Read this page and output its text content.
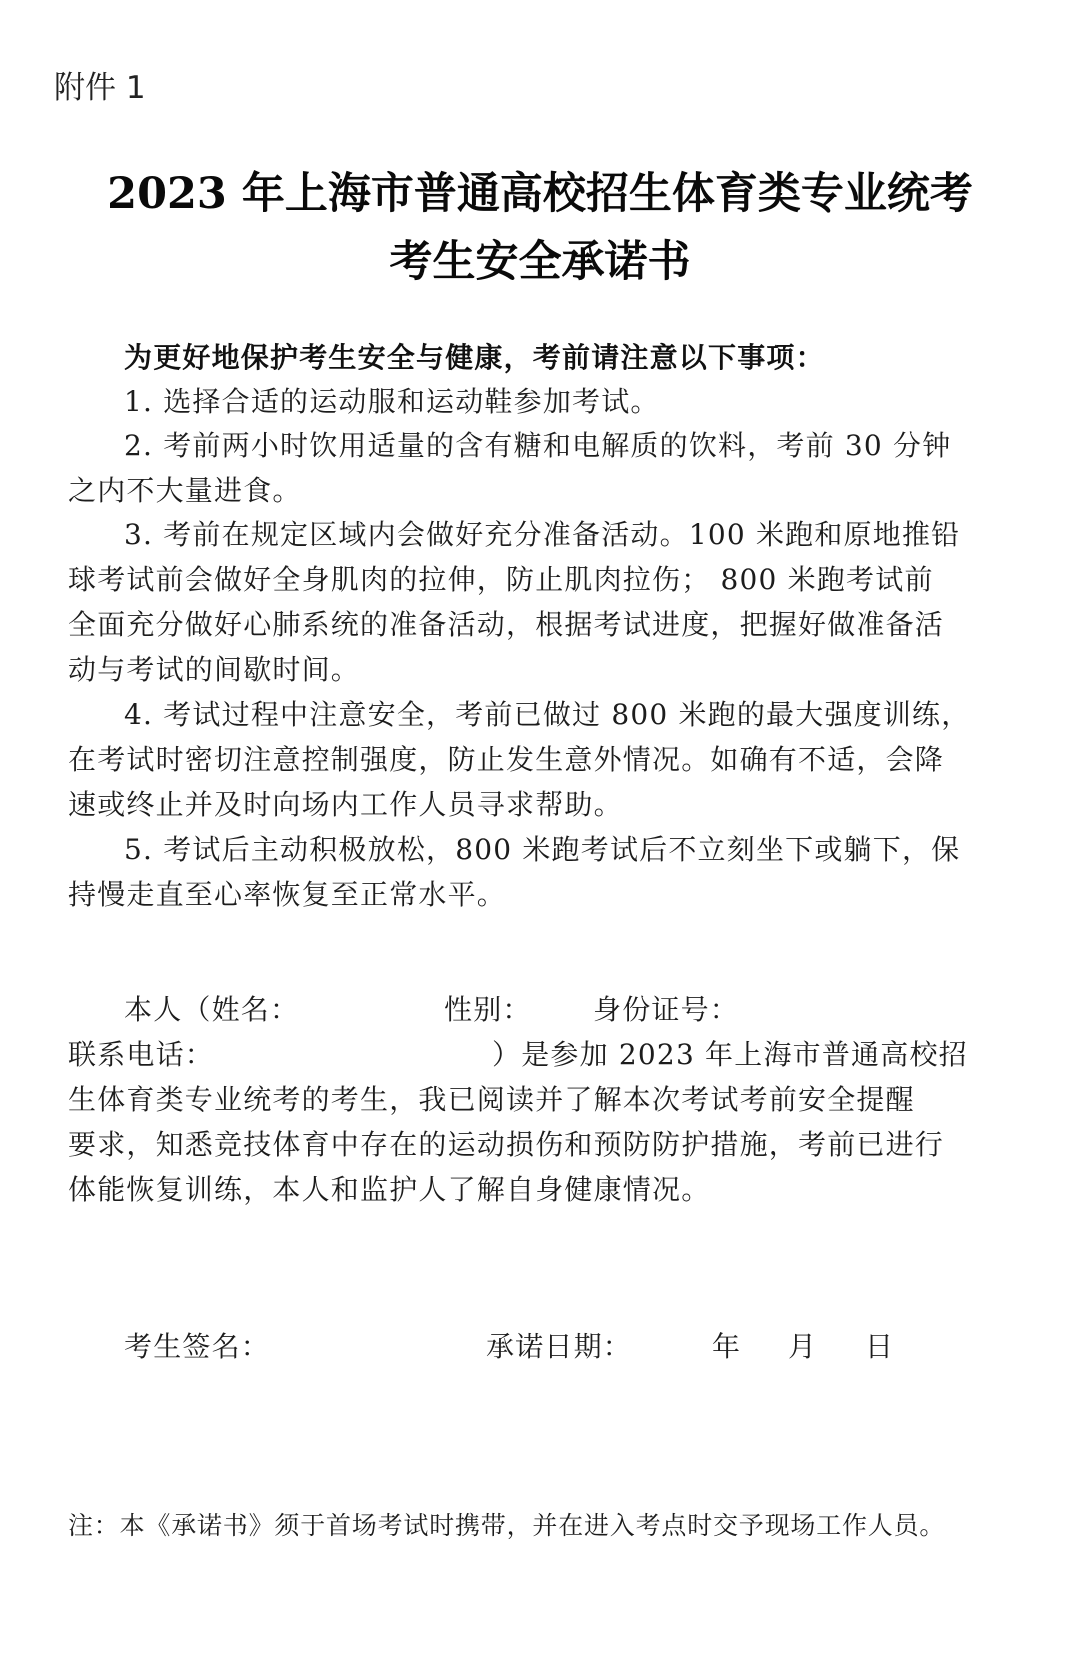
附件 1
2023 年上海市普通高校招生体育类专业统考
考生安全承诺书
为更好地保护考生安全与健康，考前请注意以下事项：
1. 选择合适的运动服和运动鞋参加考试。
2. 考前两小时饮用适量的含有糖和电解质的饮料，考前 30 分钟
之内不大量进食。
3. 考前在规定区域内会做好充分准备活动。100 米跑和原地推铅
球考试前会做好全身肌肉的拉伸，防止肌肉拉伤； 800 米跑考试前
全面充分做好心肺系统的准备活动，根据考试进度，把握好做准备活
动与考试的间歇时间。
4. 考试过程中注意安全，考前已做过 800 米跑的最大强度训练，
在考试时密切注意控制强度，防止发生意外情况。如确有不适，会降
速或终止并及时向场内工作人员寻求帮助。
5. 考试后主动积极放松，800 米跑考试后不立刻坐下或躺下，保
持慢走直至心率恢复至正常水平。
本人（姓名：	性别： 身份证号：
联系电话：	）是参加 2023 年上海市普通高校招
生体育类专业统考的考生，我已阅读并了解本次考试考前安全提醒
要求，知悉竞技体育中存在的运动损伤和预防防护措施，考前已进行
体能恢复训练，本人和监护人了解自身健康情况。
考生签名：	承诺日期：	年 月 日
注：本《承诺书》须于首场考试时携带，并在进入考点时交予现场工作人员。
